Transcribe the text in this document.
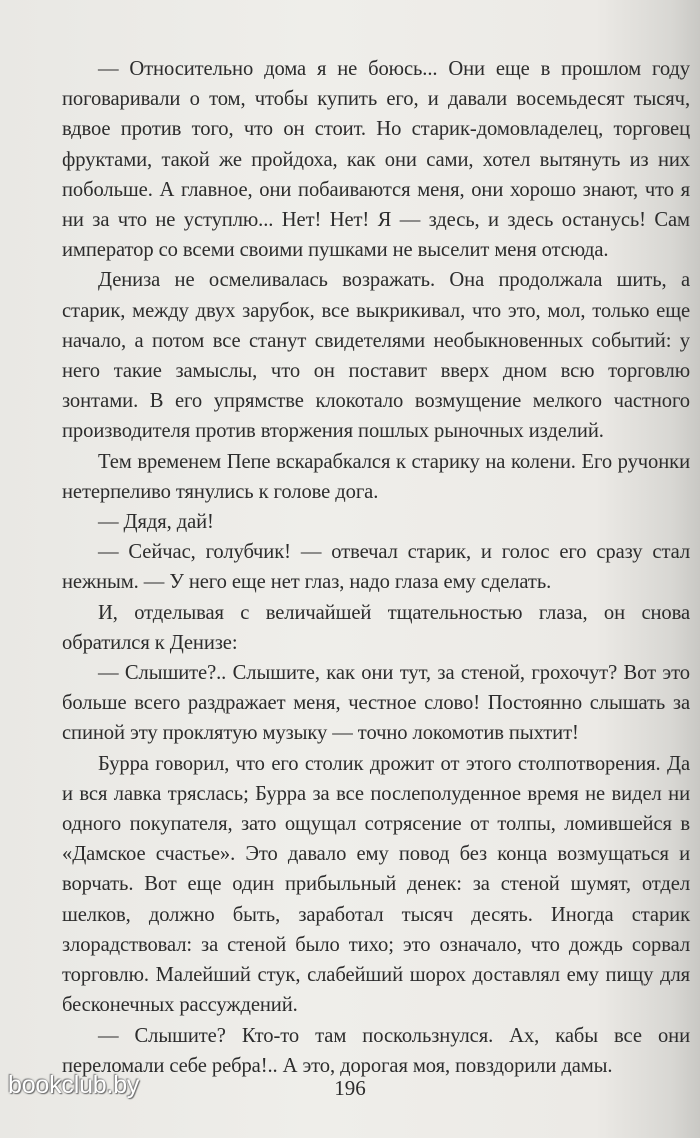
— Относительно дома я не боюсь... Они еще в прошлом году поговаривали о том, чтобы купить его, и давали восемьдесят тысяч, вдвое против того, что он стоит. Но старик-домовладелец, торговец фруктами, такой же пройдоха, как они сами, хотел вытянуть из них побольше. А главное, они побаиваются меня, они хорошо знают, что я ни за что не уступлю... Нет! Нет! Я — здесь, и здесь останусь! Сам император со всеми своими пушками не выселит меня отсюда.

Дениза не осмеливалась возражать. Она продолжала шить, а старик, между двух зарубок, все выкрикивал, что это, мол, только еще начало, а потом все станут свидетелями необыкновенных событий: у него такие замыслы, что он поставит вверх дном всю торговлю зонтами. В его упрямстве клокотало возмущение мелкого частного производителя против вторжения пошлых рыночных изделий.

Тем временем Пепе вскарабкался к старику на колени. Его ручонки нетерпеливо тянулись к голове дога.

— Дядя, дай!

— Сейчас, голубчик! — отвечал старик, и голос его сразу стал нежным. — У него еще нет глаз, надо глаза ему сделать.

И, отделывая с величайшей тщательностью глаза, он снова обратился к Денизе:

— Слышите?.. Слышите, как они тут, за стеной, грохочут? Вот это больше всего раздражает меня, честное слово! Постоянно слышать за спиной эту проклятую музыку — точно локомотив пыхтит!

Бурра говорил, что его столик дрожит от этого столпотворения. Да и вся лавка тряслась; Бурра за все послеполуденное время не видел ни одного покупателя, зато ощущал сотрясение от толпы, ломившейся в «Дамское счастье». Это давало ему повод без конца возмущаться и ворчать. Вот еще один прибыльный денек: за стеной шумят, отдел шелков, должно быть, заработал тысяч десять. Иногда старик злорадствовал: за стеной было тихо; это означало, что дождь сорвал торговлю. Малейший стук, слабейший шорох доставлял ему пищу для бесконечных рассуждений.

— Слышите? Кто-то там поскользнулся. Ах, кабы все они переломали себе ребра!.. А это, дорогая моя, повздорили дамы.

196
bookclub.by
